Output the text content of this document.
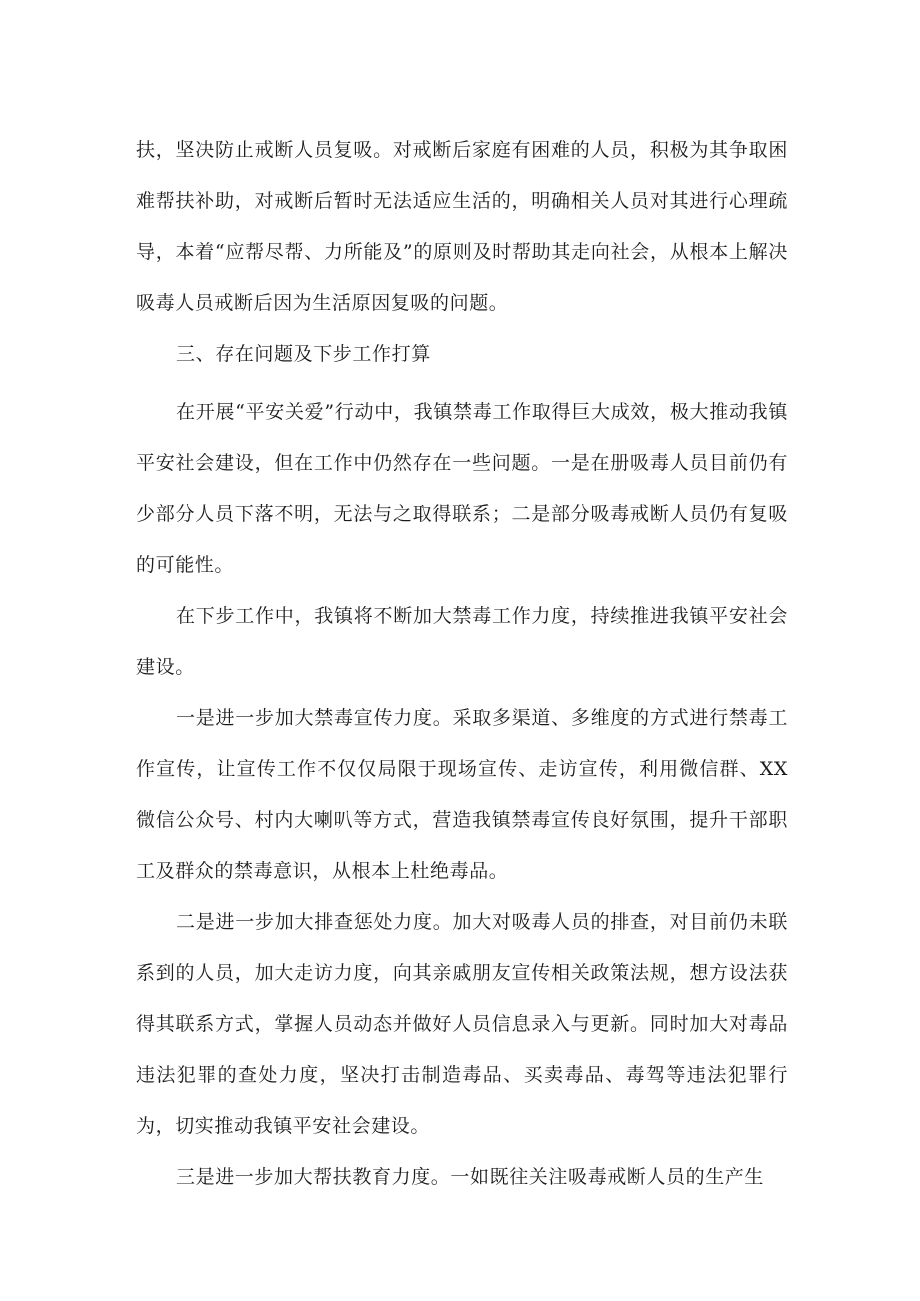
扶，坚决防止戒断人员复吸。对戒断后家庭有困难的人员，积极为其争取困难帮扶补助，对戒断后暂时无法适应生活的，明确相关人员对其进行心理疏导，本着“应帮尽帮、力所能及”的原则及时帮助其走向社会，从根本上解决吸毒人员戒断后因为生活原因复吸的问题。

三、存在问题及下步工作打算

在开展“平安关爱”行动中，我镇禁毒工作取得巨大成效，极大推动我镇平安社会建设，但在工作中仍然存在一些问题。一是在册吸毒人员目前仍有少部分人员下落不明，无法与之取得联系；二是部分吸毒戒断人员仍有复吸的可能性。

在下步工作中，我镇将不断加大禁毒工作力度，持续推进我镇平安社会建设。

一是进一步加大禁毒宣传力度。采取多渠道、多维度的方式进行禁毒工作宣传，让宣传工作不仅仅局限于现场宣传、走访宣传，利用微信群、XX微信公众号、村内大喇叭等方式，营造我镇禁毒宣传良好氛围，提升干部职工及群众的禁毒意识，从根本上杜绝毒品。

二是进一步加大排查惩处力度。加大对吸毒人员的排查，对目前仍未联系到的人员，加大走访力度，向其亲戚朋友宣传相关政策法规，想方设法获得其联系方式，掌握人员动态并做好人员信息录入与更新。同时加大对毒品违法犯罪的查处力度，坚决打击制造毒品、买卖毒品、毒驾等违法犯罪行为，切实推动我镇平安社会建设。

三是进一步加大帮扶教育力度。一如既往关注吸毒戒断人员的生产生
